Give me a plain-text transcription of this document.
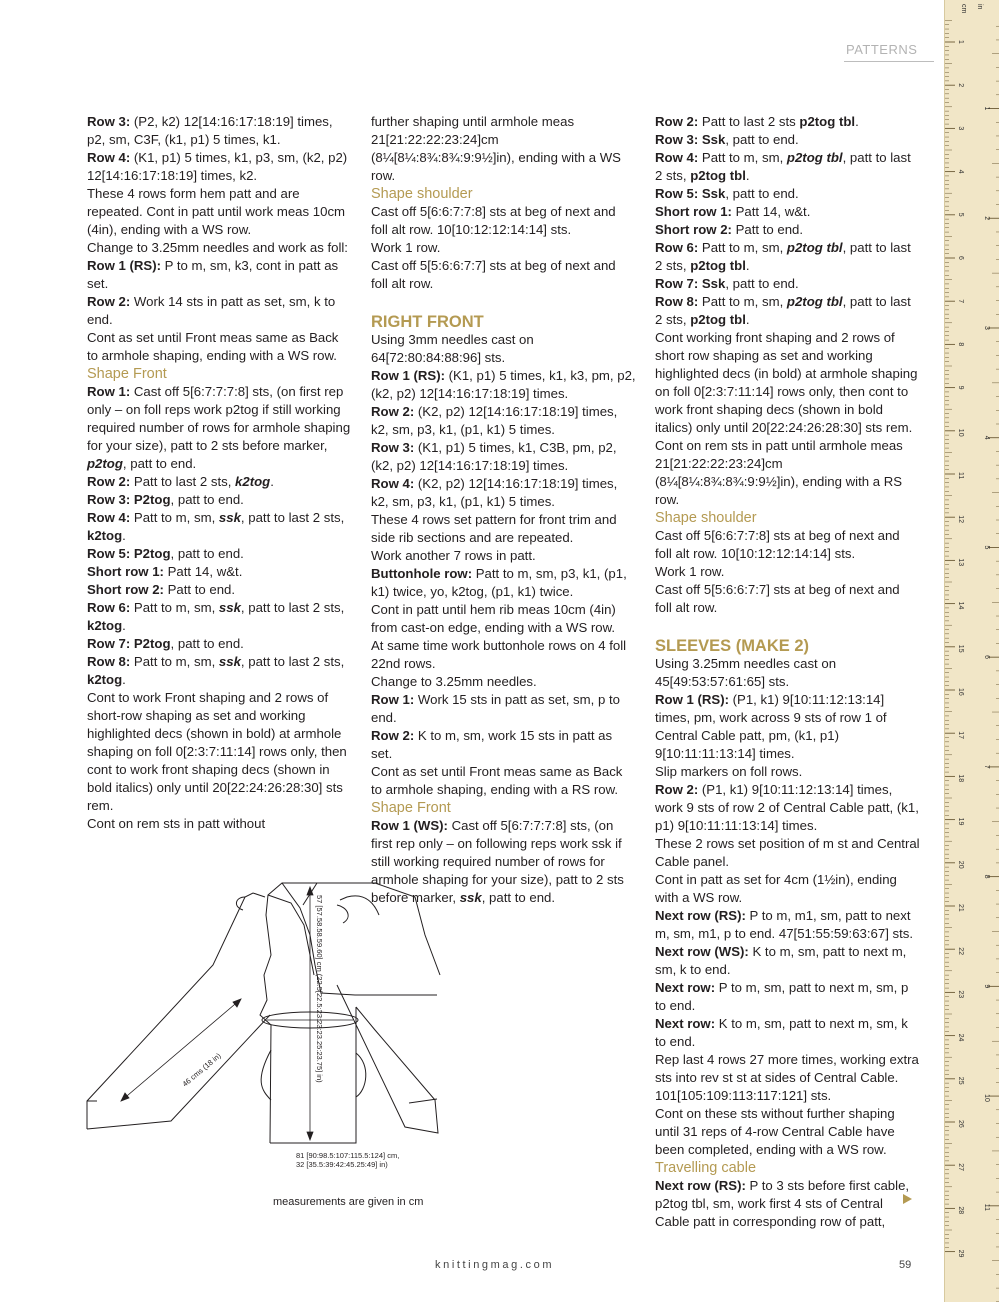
PATTERNS

Row 3: (P2, k2) 12[14:16:17:18:19] times, p2, sm, C3F, (k1, p1) 5 times, k1.

Row 4: (K1, p1) 5 times, k1, p3, sm, (k2, p2) 12[14:16:17:18:19] times, k2.

These 4 rows form hem patt and are repeated. Cont in patt until work meas 10cm (4in), ending with a WS row.

Change to 3.25mm needles and work as foll:

Row 1 (RS): P to m, sm, k3, cont in patt as set.

Row 2: Work 14 sts in patt as set, sm, k to end.

Cont as set until Front meas same as Back to armhole shaping, ending with a WS row.

Shape Front

Row 1: Cast off 5[6:7:7:7:8] sts, (on first rep only – on foll reps work p2tog if still working required number of rows for armhole shaping for your size), patt to 2 sts before marker, p2tog, patt to end.

Row 2: Patt to last 2 sts, k2tog.

Row 3: P2tog, patt to end.

Row 4: Patt to m, sm, ssk, patt to last 2 sts, k2tog.

Row 5: P2tog, patt to end.

Short row 1: Patt 14, w&t.

Short row 2: Patt to end.

Row 6: Patt to m, sm, ssk, patt to last 2 sts, k2tog.

Row 7: P2tog, patt to end.

Row 8: Patt to m, sm, ssk, patt to last 2 sts, k2tog.

Cont to work Front shaping and 2 rows of short-row shaping as set and working highlighted decs (shown in bold) at armhole shaping on foll 0[2:3:7:11:14] rows only, then cont to work front shaping decs (shown in bold italics) only until 20[22:24:26:28:30] sts rem.

Cont on rem sts in patt without

further shaping until armhole meas 21[21:22:22:23:24]cm (8¼[8¼:8¾:8¾:9:9½]in), ending with a WS row.

Shape shoulder

Cast off 5[6:6:7:7:8] sts at beg of next and foll alt row. 10[10:12:12:14:14] sts.

Work 1 row.

Cast off 5[5:6:6:7:7] sts at beg of next and foll alt row.

RIGHT FRONT

Using 3mm needles cast on 64[72:80:84:88:96] sts.

Row 1 (RS): (K1, p1) 5 times, k1, k3, pm, p2, (k2, p2) 12[14:16:17:18:19] times.

Row 2: (K2, p2) 12[14:16:17:18:19] times, k2, sm, p3, k1, (p1, k1) 5 times.

Row 3: (K1, p1) 5 times, k1, C3B, pm, p2, (k2, p2) 12[14:16:17:18:19] times.

Row 4: (K2, p2) 12[14:16:17:18:19] times, k2, sm, p3, k1, (p1, k1) 5 times.

These 4 rows set pattern for front trim and side rib sections and are repeated.

Work another 7 rows in patt.

Buttonhole row: Patt to m, sm, p3, k1, (p1, k1) twice, yo, k2tog, (p1, k1) twice.

Cont in patt until hem rib meas 10cm (4in) from cast-on edge, ending with a WS row.

At same time work buttonhole rows on 4 foll 22nd rows.

Change to 3.25mm needles.

Row 1: Work 15 sts in patt as set, sm, p to end.

Row 2: K to m, sm, work 15 sts in patt as set.

Cont as set until Front meas same as Back to armhole shaping, ending with a RS row.

Shape Front

Row 1 (WS): Cast off 5[6:7:7:7:8] sts, (on first rep only – on following reps work ssk if still working required number of rows for armhole shaping for your size), patt to 2 sts before marker, ssk, patt to end.

Row 2: Patt to last 2 sts p2tog tbl.

Row 3: Ssk, patt to end.

Row 4: Patt to m, sm, p2tog tbl, patt to last 2 sts, p2tog tbl.

Row 5: Ssk, patt to end.

Short row 1: Patt 14, w&t.

Short row 2: Patt to end.

Row 6: Patt to m, sm, p2tog tbl, patt to last 2 sts, p2tog tbl.

Row 7: Ssk, patt to end.

Row 8: Patt to m, sm, p2tog tbl, patt to last 2 sts, p2tog tbl.

Cont working front shaping and 2 rows of short row shaping as set and working highlighted decs (in bold) at armhole shaping on foll 0[2:3:7:11:14] rows only, then cont to work front shaping decs (shown in bold italics) only until 20[22:24:26:28:30] sts rem.

Cont on rem sts in patt until armhole meas 21[21:22:22:23:24]cm (8¼[8¼:8¾:8¾:9:9½]in), ending with a RS row.

Shape shoulder

Cast off 5[6:6:7:7:8] sts at beg of next and foll alt row. 10[10:12:12:14:14] sts.

Work 1 row.

Cast off 5[5:6:6:7:7] sts at beg of next and foll alt row.

SLEEVES (MAKE 2)

Using 3.25mm needles cast on 45[49:53:57:61:65] sts.

Row 1 (RS): (P1, k1) 9[10:11:12:13:14] times, pm, work across 9 sts of row 1 of Central Cable patt, pm, (k1, p1) 9[10:11:11:13:14] times.

Slip markers on foll rows.

Row 2: (P1, k1) 9[10:11:12:13:14] times, work 9 sts of row 2 of Central Cable patt, (k1, p1) 9[10:11:11:13:14] times.

These 2 rows set position of m st and Central Cable panel.

Cont in patt as set for 4cm (1½in), ending with a WS row.

Next row (RS): P to m, m1, sm, patt to next m, sm, m1, p to end. 47[51:55:59:63:67] sts.

Next row (WS): K to m, sm, patt to next m, sm, k to end.

Next row: P to m, sm, patt to next m, sm, p to end.

Next row: K to m, sm, patt to next m, sm, k to end.

Rep last 4 rows 27 more times, working extra sts into rev st st at sides of Central Cable. 101[105:109:113:117:121] sts.

Cont on these sts without further shaping until 31 reps of 4-row Central Cable have been completed, ending with a WS row.

Travelling cable

Next row (RS): P to 3 sts before first cable, p2tog tbl, sm, work first 4 sts of Central Cable patt in corresponding row of patt,

57 [57.58.58.59.60] cm (22.5[22.5:23:23:23.25:23.75] in)
46 cms (18 in)
81 [90:98.5:107:115.5:124] cm,
32 [35.5:39:42:45.25:49] in)
measurements are given in cm
cm in
1
2
3
4
5
6
7
8
9
10
11
12
13
14
15
16
17
18
19
20
21
22
23
24
25
26
27
28
29
1
2
3
4
5
6
7
8
9
10
11
knittingmag.com	59
